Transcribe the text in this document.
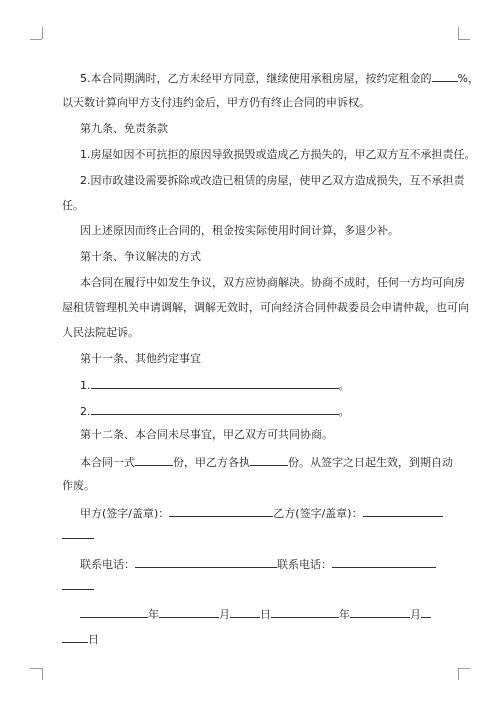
5.本合同期满时，乙方未经甲方同意，继续使用承租房屋，按约定租金的 %，
以天数计算向甲方支付违约金后，甲方仍有终止合同的申诉权。
第九条、免责条款
1.房屋如因不可抗拒的原因导致损毁或造成乙方损失的，甲乙双方互不承担责任。
2.因市政建设需要拆除或改造已租赁的房屋，使甲乙双方造成损失，互不承担责
任。
因上述原因而终止合同的，租金按实际使用时间计算，多退少补。
第十条、争议解决的方式
本合同在履行中如发生争议，双方应协商解决。协商不成时，任何一方均可向房
屋租赁管理机关申请调解，调解无效时，可向经济合同仲裁委员会申请仲裁，也可向
人民法院起诉。
第十一条、其他约定事宜
1.	。
2.	。
第十二条、本合同未尽事宜，甲乙双方可共同协商。
本合同一式	份，甲乙方各执	份。从签字之日起生效，到期自动
作废。
甲方(签字/盖章)：	乙方(签字/盖章)：
联系电话：	联系电话：
年	月	日	年	月
日
